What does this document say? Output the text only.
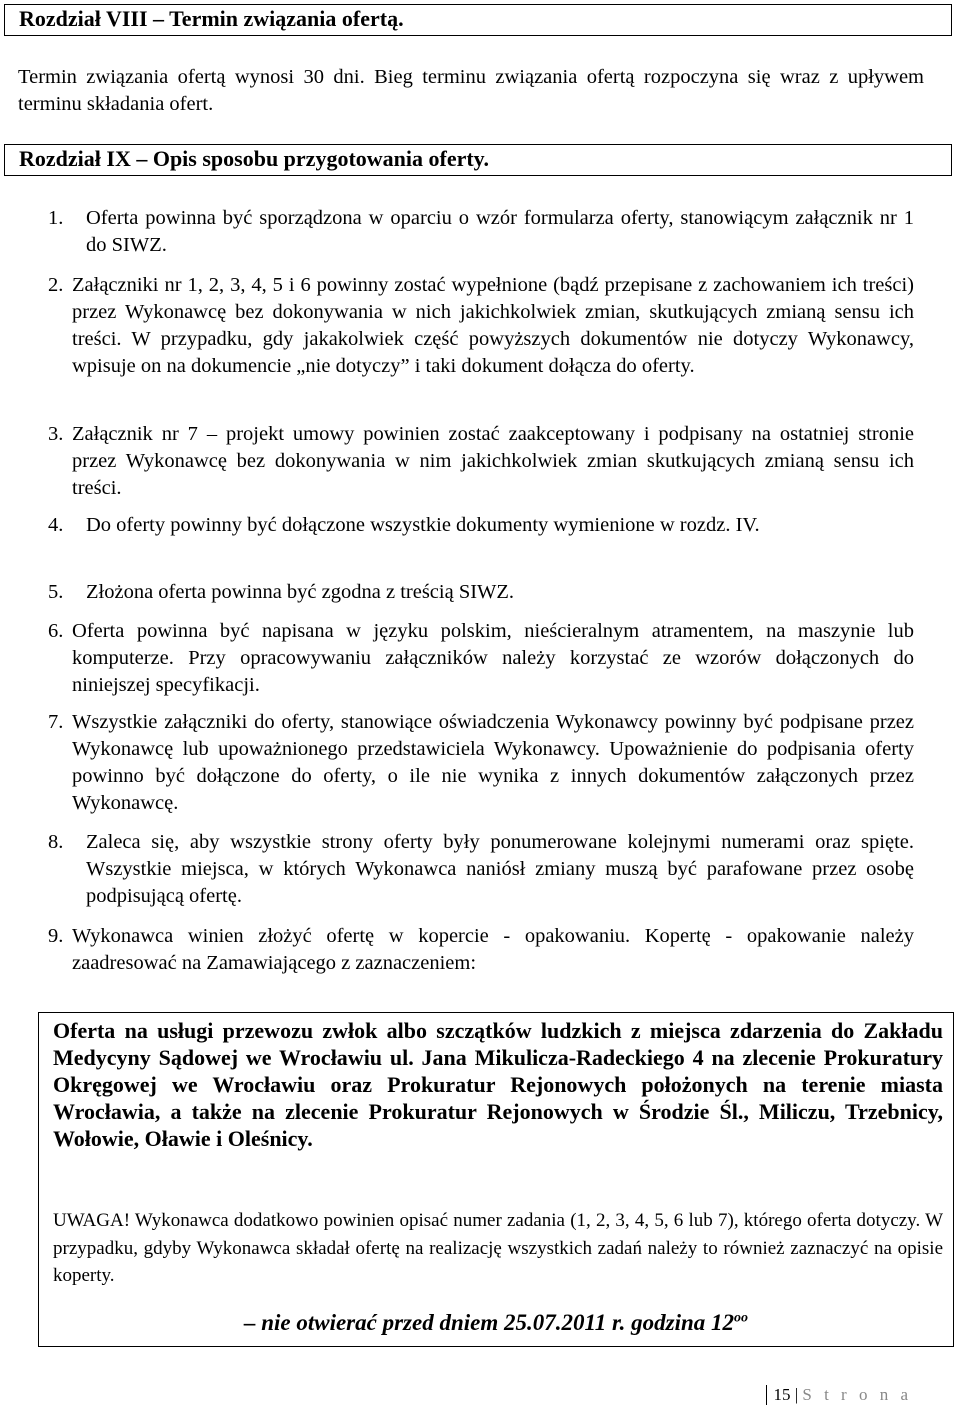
Rozdział VIII – Termin związania ofertą.
Termin związania ofertą wynosi 30 dni. Bieg terminu związania ofertą rozpoczyna się wraz z upływem terminu składania ofert.
Rozdział IX – Opis sposobu przygotowania oferty.
1. Oferta powinna być sporządzona w oparciu o wzór formularza oferty, stanowiącym załącznik nr 1 do SIWZ.
2. Załączniki nr 1, 2, 3, 4, 5 i 6 powinny zostać wypełnione (bądź przepisane z zachowaniem ich treści) przez Wykonawcę bez dokonywania w nich jakichkolwiek zmian, skutkujących zmianą sensu ich treści. W przypadku, gdy jakakolwiek część powyższych dokumentów nie dotyczy Wykonawcy, wpisuje on na dokumencie „nie dotyczy” i taki dokument dołącza do oferty.
3. Załącznik nr 7 – projekt umowy powinien zostać zaakceptowany i podpisany na ostatniej stronie przez Wykonawcę bez dokonywania w nim jakichkolwiek zmian skutkujących zmianą sensu ich treści.
4. Do oferty powinny być dołączone wszystkie dokumenty wymienione w rozdz. IV.
5. Złożona oferta powinna być zgodna z treścią SIWZ.
6. Oferta powinna być napisana w języku polskim, nieścieralnym atramentem, na maszynie lub komputerze. Przy opracowywaniu załączników należy korzystać ze wzorów dołączonych do niniejszej specyfikacji.
7. Wszystkie załączniki do oferty, stanowiące oświadczenia Wykonawcy powinny być podpisane przez Wykonawcę lub upoważnionego przedstawiciela Wykonawcy. Upoważnienie do podpisania oferty powinno być dołączone do oferty, o ile nie wynika z innych dokumentów załączonych przez Wykonawcę.
8. Zaleca się, aby wszystkie strony oferty były ponumerowane kolejnymi numerami oraz spięte. Wszystkie miejsca, w których Wykonawca naniósł zmiany muszą być parafowane przez osobę podpisującą ofertę.
9. Wykonawca winien złożyć ofertę w kopercie - opakowaniu. Kopertę - opakowanie należy zaadresować na Zamawiającego z zaznaczeniem:
Oferta na usługi przewozu zwłok albo szczątków ludzkich z miejsca zdarzenia do Zakładu Medycyny Sądowej we Wrocławiu ul. Jana Mikulicza-Radeckiego 4 na zlecenie Prokuratury Okręgowej we Wrocławiu oraz Prokuratur Rejonowych położonych na terenie miasta Wrocławia, a także na zlecenie Prokuratur Rejonowych w Środzie Śl., Miliczu, Trzebnicy, Wołowie, Oławie i Oleśnicy.
UWAGA! Wykonawca dodatkowo powinien opisać numer zadania (1, 2, 3, 4, 5, 6 lub 7), którego oferta dotyczy. W przypadku, gdyby Wykonawca składał ofertę na realizację wszystkich zadań należy to również zaznaczyć na opisie koperty.
– nie otwierać przed dniem 25.07.2011 r. godzina $12^{oo}$
15 | S t r o n a
